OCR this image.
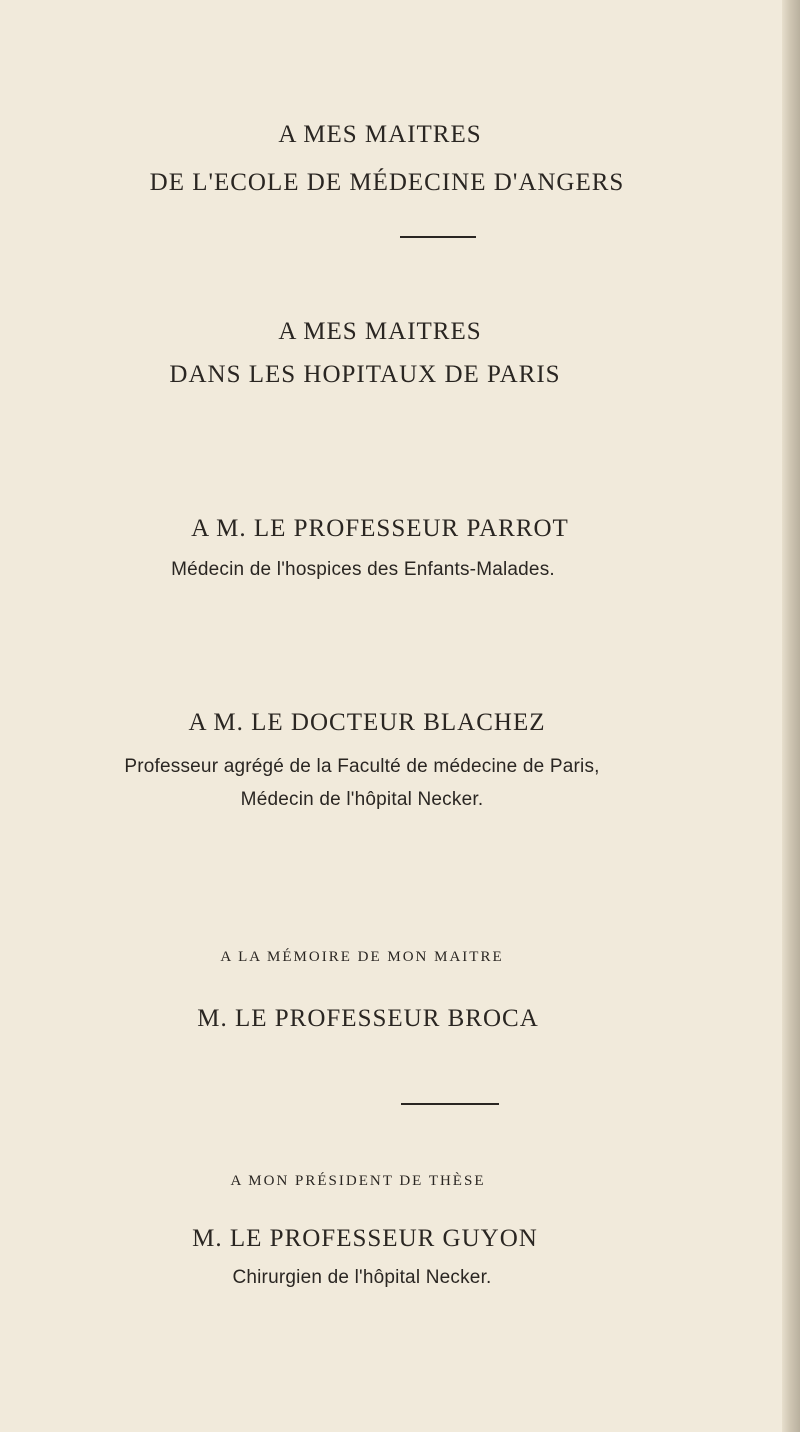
A MES MAITRES
DE L'ECOLE DE MÉDECINE D'ANGERS
A MES MAITRES
DANS LES HOPITAUX DE PARIS
A M. LE PROFESSEUR PARROT
Médecin de l'hospices des Enfants-Malades.
A M. LE DOCTEUR BLACHEZ
Professeur agrégé de la Faculté de médecine de Paris,
Médecin de l'hôpital Necker.
A LA MÉMOIRE DE MON MAITRE
M. LE PROFESSEUR BROCA
A MON PRÉSIDENT DE THÈSE
M. LE PROFESSEUR GUYON
Chirurgien de l'hôpital Necker.
